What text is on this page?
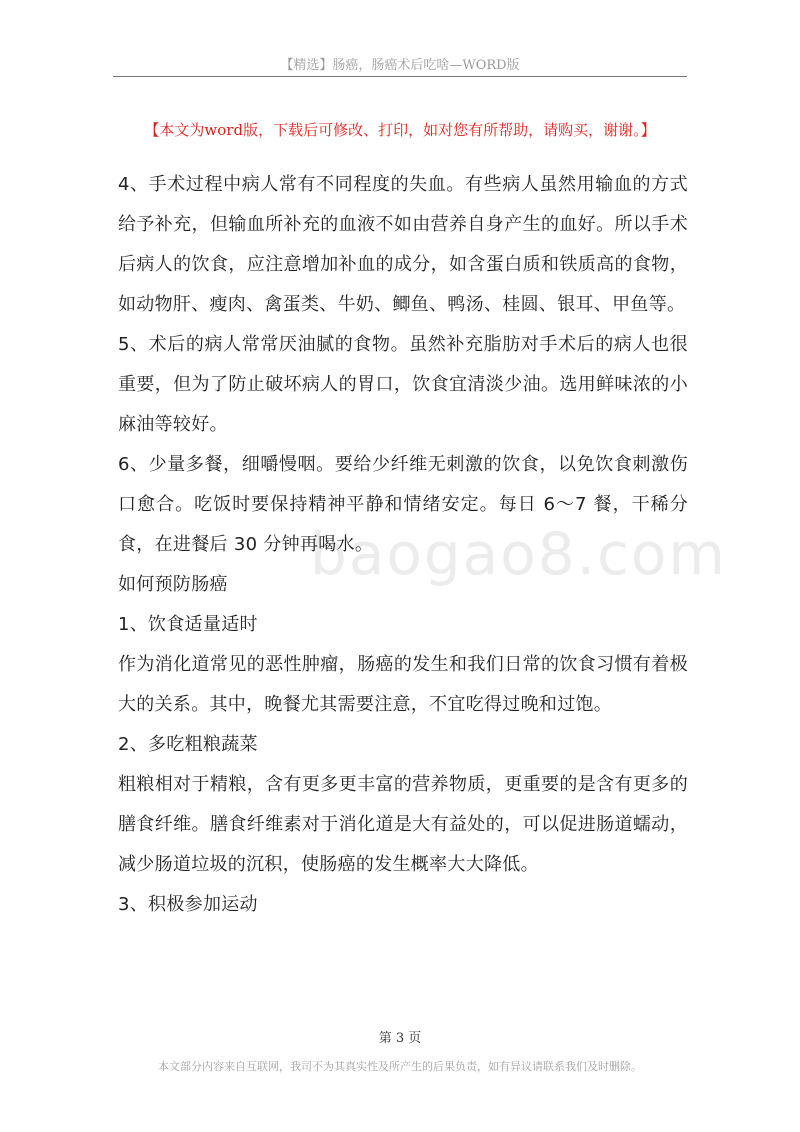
【精选】肠癌，肠癌术后吃啥—WORD版
【本文为word版，下载后可修改、打印，如对您有所帮助，请购买，谢谢。】
baogao8.com

4、手术过程中病人常有不同程度的失血。有些病人虽然用输血的方式给予补充，但输血所补充的血液不如由营养自身产生的血好。所以手术后病人的饮食，应注意增加补血的成分，如含蛋白质和铁质高的食物，如动物肝、瘦肉、禽蛋类、牛奶、鲫鱼、鸭汤、桂圆、银耳、甲鱼等。

5、术后的病人常常厌油腻的食物。虽然补充脂肪对手术后的病人也很重要，但为了防止破坏病人的胃口，饮食宜清淡少油。选用鲜味浓的小麻油等较好。

6、少量多餐，细嚼慢咽。要给少纤维无刺激的饮食，以免饮食刺激伤口愈合。吃饭时要保持精神平静和情绪安定。每日 6～7 餐，干稀分食，在进餐后 30 分钟再喝水。

如何预防肠癌

1、饮食适量适时

作为消化道常见的恶性肿瘤，肠癌的发生和我们日常的饮食习惯有着极大的关系。其中，晚餐尤其需要注意，不宜吃得过晚和过饱。

2、多吃粗粮蔬菜

粗粮相对于精粮，含有更多更丰富的营养物质，更重要的是含有更多的膳食纤维。膳食纤维素对于消化道是大有益处的，可以促进肠道蠕动，减少肠道垃圾的沉积，使肠癌的发生概率大大降低。

3、积极参加运动

第 3 页
本文部分内容来自互联网，我司不为其真实性及所产生的后果负责，如有异议请联系我们及时删除。
